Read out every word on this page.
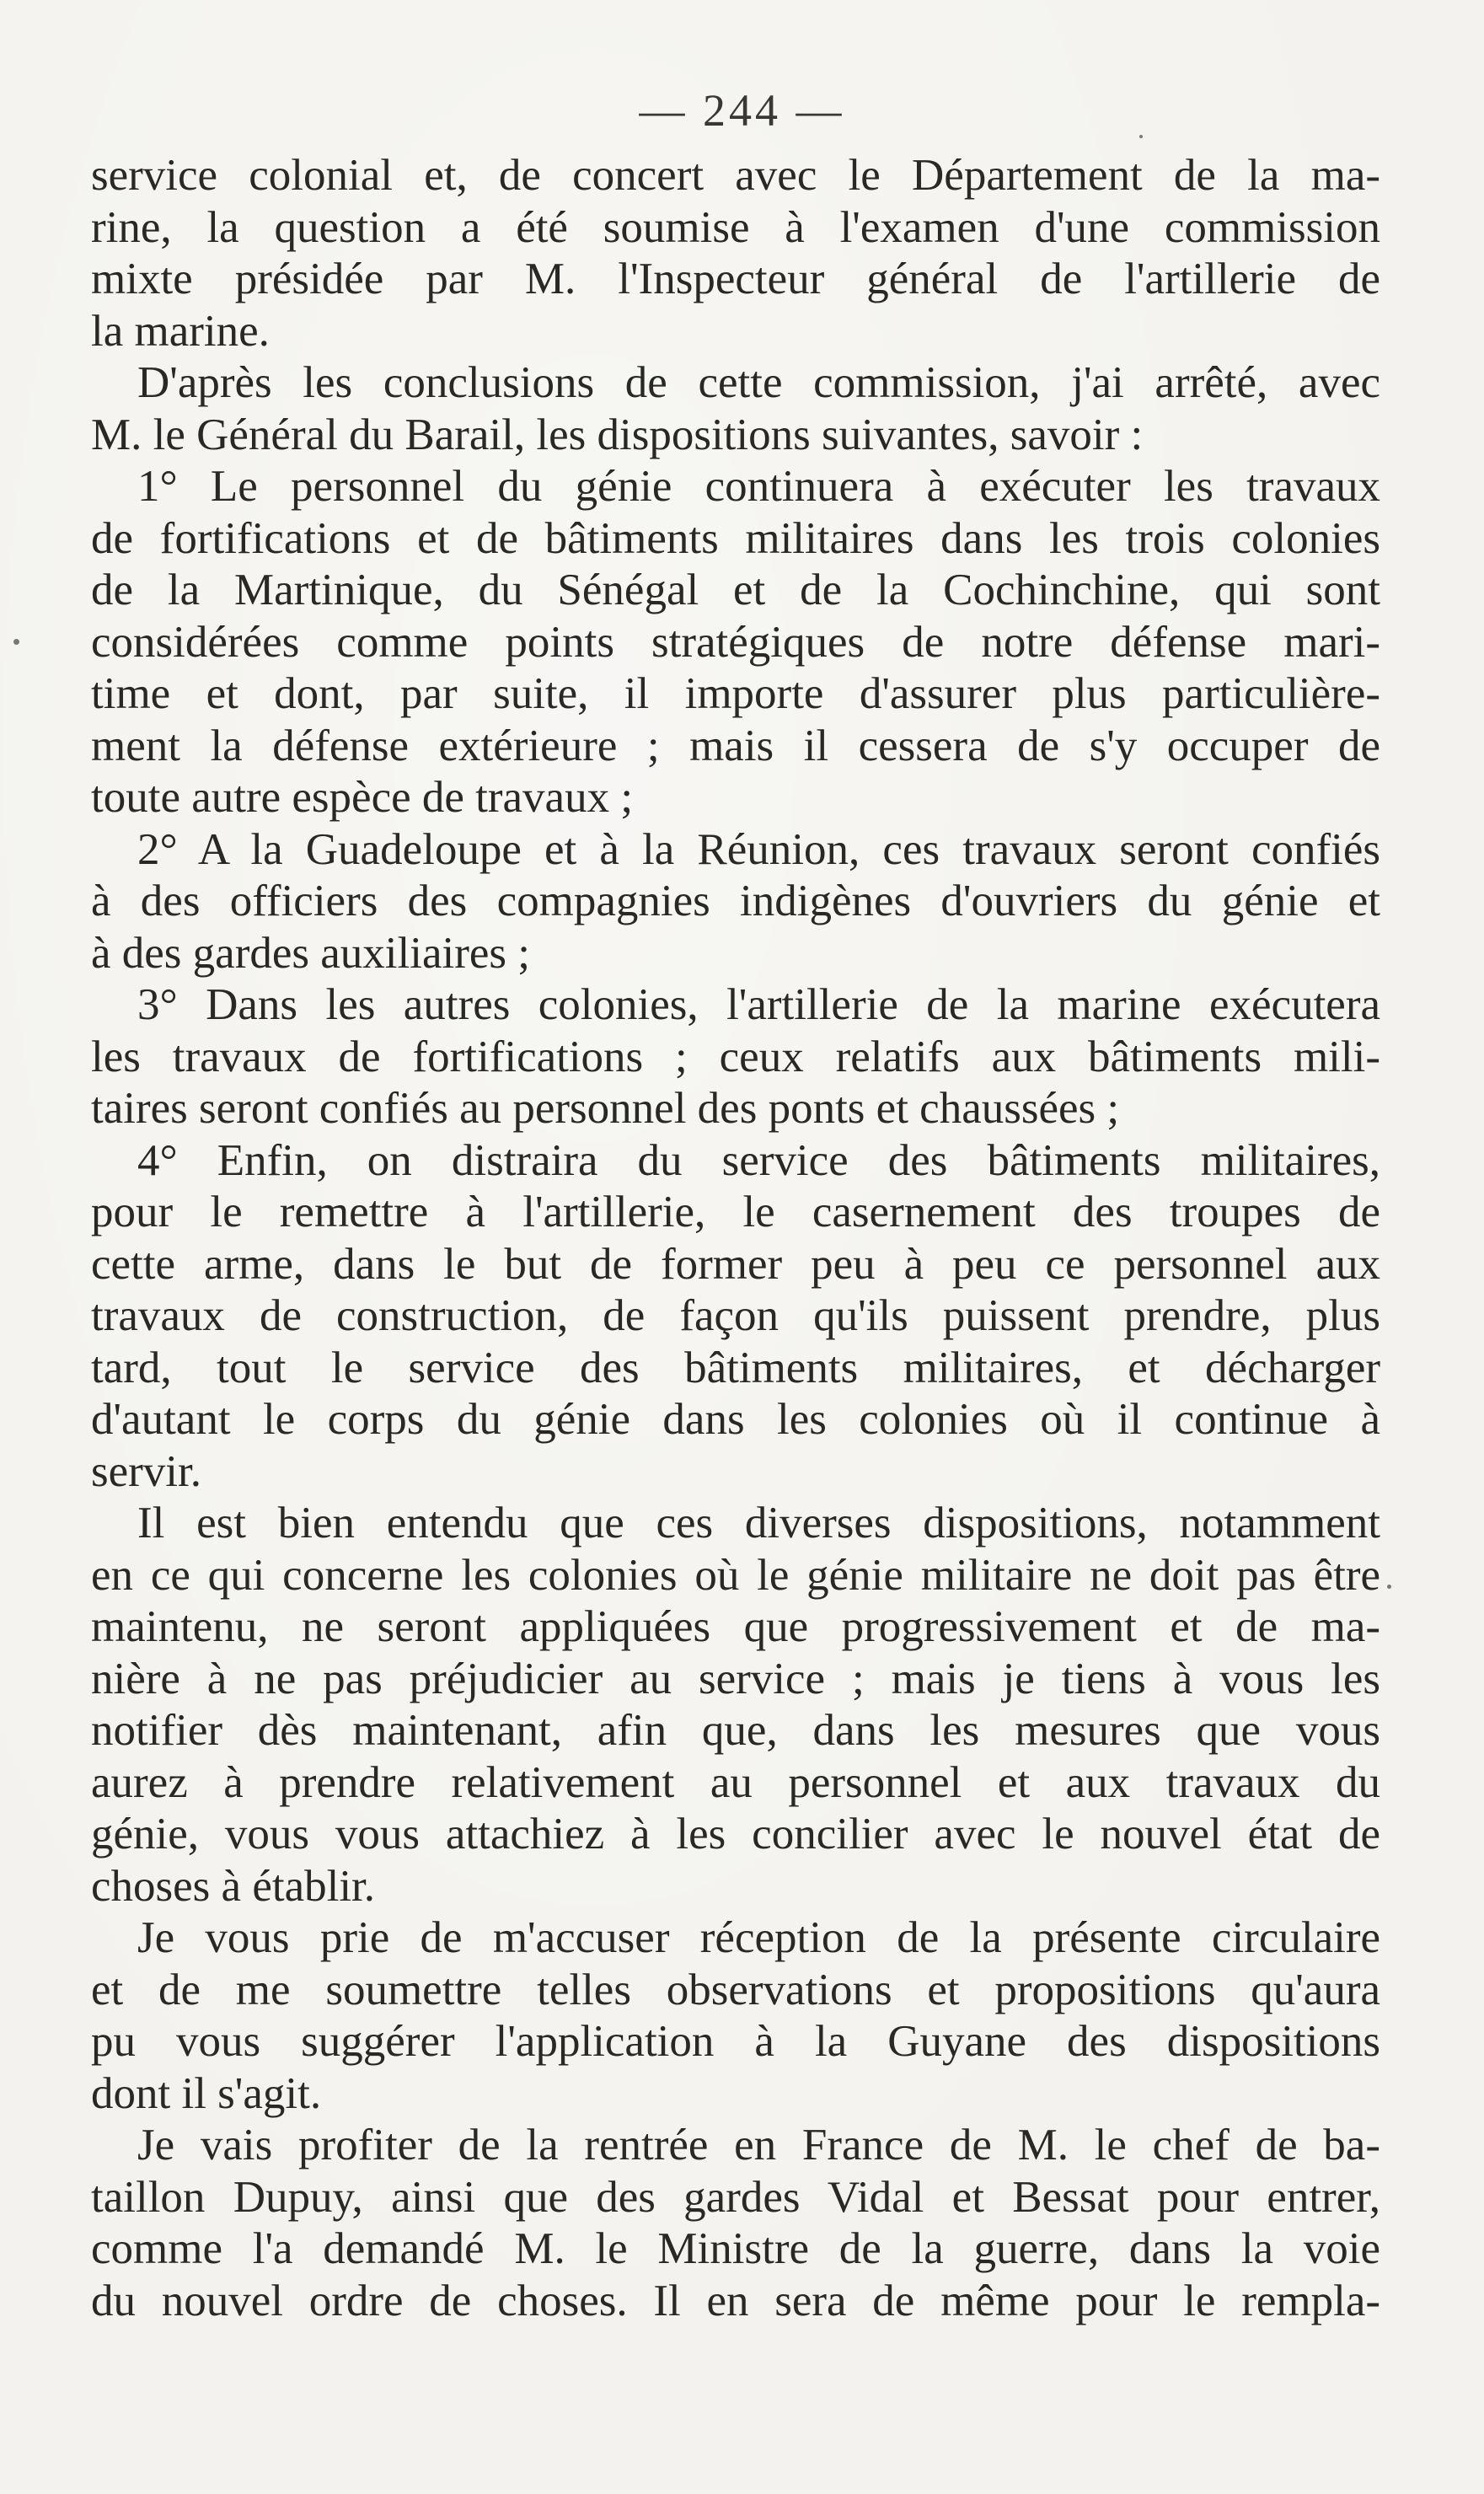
— 244 —
service colonial et, de concert avec le Département de la ma-
rine, la question a été soumise à l'examen d'une commission
mixte présidée par M. l'Inspecteur général de l'artillerie de
la marine.
D'après les conclusions de cette commission, j'ai arrêté, avec
M. le Général du Barail, les dispositions suivantes, savoir :
1° Le personnel du génie continuera à exécuter les travaux
de fortifications et de bâtiments militaires dans les trois colonies
de la Martinique, du Sénégal et de la Cochinchine, qui sont
considérées comme points stratégiques de notre défense mari-
time et dont, par suite, il importe d'assurer plus particulière-
ment la défense extérieure ; mais il cessera de s'y occuper de
toute autre espèce de travaux ;
2° A la Guadeloupe et à la Réunion, ces travaux seront confiés
à des officiers des compagnies indigènes d'ouvriers du génie et
à des gardes auxiliaires ;
3° Dans les autres colonies, l'artillerie de la marine exécutera
les travaux de fortifications ; ceux relatifs aux bâtiments mili-
taires seront confiés au personnel des ponts et chaussées ;
4° Enfin, on distraira du service des bâtiments militaires,
pour le remettre à l'artillerie, le casernement des troupes de
cette arme, dans le but de former peu à peu ce personnel aux
travaux de construction, de façon qu'ils puissent prendre, plus
tard, tout le service des bâtiments militaires, et décharger
d'autant le corps du génie dans les colonies où il continue à
servir.
Il est bien entendu que ces diverses dispositions, notamment
en ce qui concerne les colonies où le génie militaire ne doit pas être
maintenu, ne seront appliquées que progressivement et de ma-
nière à ne pas préjudicier au service ; mais je tiens à vous les
notifier dès maintenant, afin que, dans les mesures que vous
aurez à prendre relativement au personnel et aux travaux du
génie, vous vous attachiez à les concilier avec le nouvel état de
choses à établir.
Je vous prie de m'accuser réception de la présente circulaire
et de me soumettre telles observations et propositions qu'aura
pu vous suggérer l'application à la Guyane des dispositions
dont il s'agit.
Je vais profiter de la rentrée en France de M. le chef de ba-
taillon Dupuy, ainsi que des gardes Vidal et Bessat pour entrer,
comme l'a demandé M. le Ministre de la guerre, dans la voie
du nouvel ordre de choses. Il en sera de même pour le rempla-
